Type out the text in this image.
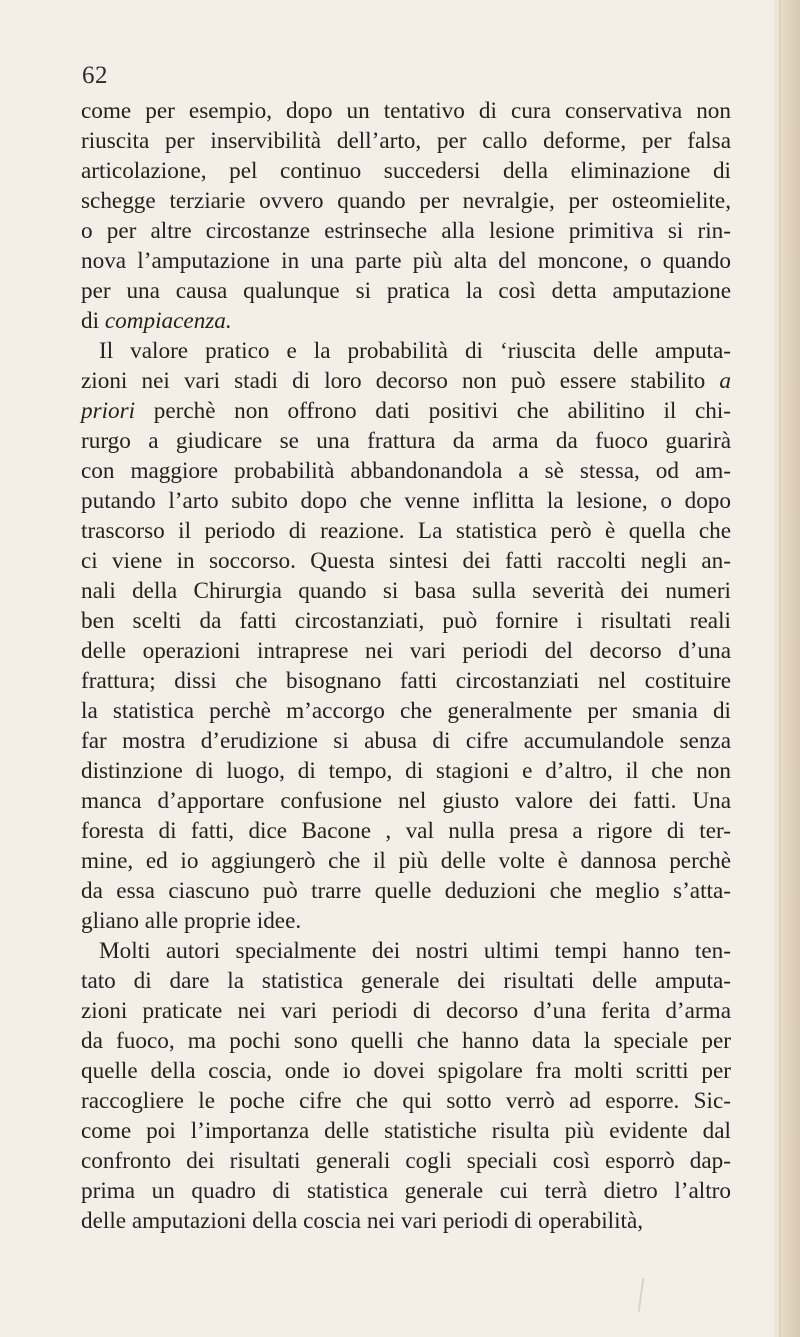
62
come per esempio, dopo un tentativo di cura conservativa non
riuscita per inservibilità dell’arto, per callo deforme, per falsa
articolazione, pel continuo succedersi della eliminazione di
schegge terziarie ovvero quando per nevralgie, per osteomielite,
o per altre circostanze estrinseche alla lesione primitiva si rin-
nova l’amputazione in una parte più alta del moncone, o quando
per una causa qualunque si pratica la così detta amputazione
di compiacenza.
Il valore pratico e la probabilità di ‘riuscita delle amputa-
zioni nei vari stadi di loro decorso non può essere stabilito a
priori perchè non offrono dati positivi che abilitino il chi-
rurgo a giudicare se una frattura da arma da fuoco guarirà
con maggiore probabilità abbandonandola a sè stessa, od am-
putando l’arto subito dopo che venne inflitta la lesione, o dopo
trascorso il periodo di reazione. La statistica però è quella che
ci viene in soccorso. Questa sintesi dei fatti raccolti negli an-
nali della Chirurgia quando si basa sulla severità dei numeri
ben scelti da fatti circostanziati, può fornire i risultati reali
delle operazioni intraprese nei vari periodi del decorso d’una
frattura; dissi che bisognano fatti circostanziati nel costituire
la statistica perchè m’accorgo che generalmente per smania di
far mostra d’erudizione si abusa di cifre accumulandole senza
distinzione di luogo, di tempo, di stagioni e d’altro, il che non
manca d’apportare confusione nel giusto valore dei fatti. Una
foresta di fatti, dice Bacone , val nulla presa a rigore di ter-
mine, ed io aggiungerò che il più delle volte è dannosa perchè
da essa ciascuno può trarre quelle deduzioni che meglio s’atta-
gliano alle proprie idee.
Molti autori specialmente dei nostri ultimi tempi hanno ten-
tato di dare la statistica generale dei risultati delle amputa-
zioni praticate nei vari periodi di decorso d’una ferita d’arma
da fuoco, ma pochi sono quelli che hanno data la speciale per
quelle della coscia, onde io dovei spigolare fra molti scritti per
raccogliere le poche cifre che qui sotto verrò ad esporre. Sic-
come poi l’importanza delle statistiche risulta più evidente dal
confronto dei risultati generali cogli speciali così esporrò dap-
prima un quadro di statistica generale cui terrà dietro l’altro
delle amputazioni della coscia nei vari periodi di operabilità,
